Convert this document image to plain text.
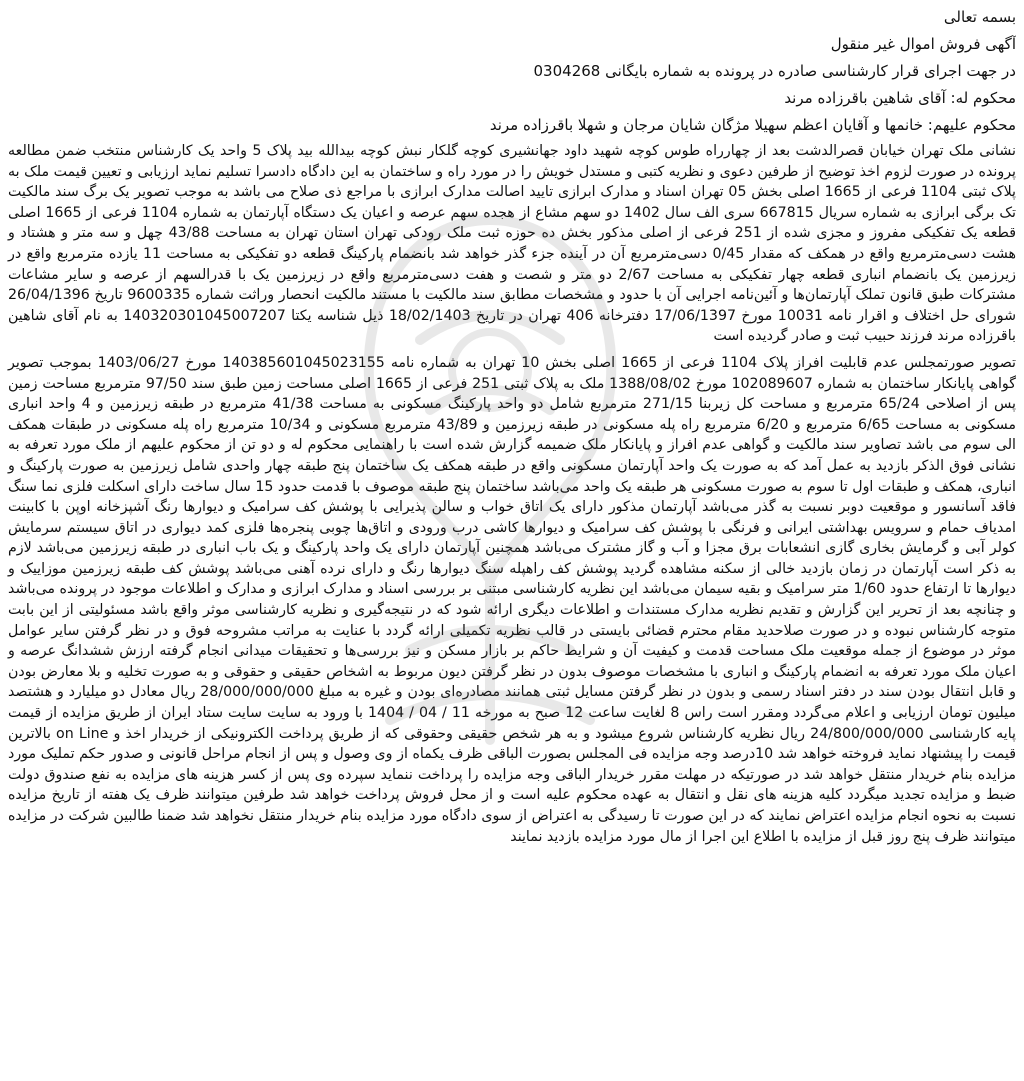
بسمه تعالی
آگهی فروش اموال غیر منقول
در جهت اجرای قرار کارشناسی صادره در پرونده به شماره بایگانی 0304268
محکوم له: آقای شاهین باقرزاده مرند
محکوم علیهم: خانمها و آقایان اعظم سهیلا مژگان شایان مرجان و شهلا باقرزاده مرند

نشانی ملک تهران خیابان قصرالدشت بعد از چهارراه طوس کوچه شهید داود جهانشیری کوچه گلکار نبش کوچه بیدالله بید پلاک 5 واحد یک کارشناس منتخب ضمن مطالعه پرونده در صورت لزوم اخذ توضیح از طرفین دعوی و نظریه کتبی و مستدل خویش را در مورد راه و ساختمان به این دادگاه دادسرا تسلیم نماید ارزیابی و تعیین قیمت ملک به پلاک ثبتی 1104 فرعی از 1665 اصلی بخش 05 تهران اسناد و مدارک ابرازی تایید اصالت مدارک ابرازی با مراجع ذی صلاح می باشد به موجب تصویر یک برگ سند مالکیت تک برگی ابرازی به شماره سریال 667815 سری الف سال 1402 دو سهم مشاع از هجده سهم عرصه و اعیان یک دستگاه آپارتمان به شماره 1104 فرعی از 1665 اصلی قطعه یک تفکیکی مفروز و مجزی شده از 251 فرعی از اصلی مذکور بخش ده حوزه ثبت ملک رودکی تهران استان تهران به مساحت 43/88 چهل و سه متر و هشتاد و هشت دسی‌مترمربع واقع در همکف که مقدار 0/45 دسی‌مترمربع آن در آینده جزء گذر خواهد شد بانضمام پارکینگ قطعه دو تفکیکی به مساحت 11 یازده مترمربع واقع در زیرزمین یک بانضمام انباری قطعه چهار تفکیکی به مساحت 2/67 دو متر و شصت و هفت دسی‌مترمربع واقع در زیرزمین یک با قدرالسهم از عرصه و سایر مشاعات مشترکات طبق قانون تملک آپارتمان‌ها و آئین‌نامه اجرایی آن با حدود و مشخصات مطابق سند مالکیت با مستند مالکیت انحصار وراثت شماره 9600335 تاریخ 26/04/1396 شورای حل اختلاف و اقرار نامه 10031 مورخ 17/06/1397 دفترخانه 406 تهران در تاریخ 18/02/1403 ذیل شناسه یکتا 140320301045007207 به نام آقای شاهین باقرزاده مرند فرزند حبیب ثبت و صادر گردیده است

تصویر صورتمجلس عدم قابلیت افراز پلاک 1104 فرعی از 1665 اصلی بخش 10 تهران به شماره نامه 140385601045023155 مورخ 1403/06/27 بموجب تصویر گواهی پایانکار ساختمان به شماره 102089607 مورخ 1388/08/02 ملک به پلاک ثبتی 251 فرعی از 1665 اصلی مساحت زمین طبق سند 97/50 مترمربع مساحت زمین پس از اصلاحی 65/24 مترمربع و مساحت کل زیربنا 271/15 مترمربع شامل دو واحد پارکینگ مسکونی به مساحت 41/38 مترمربع در طبقه زیرزمین و 4 واحد انباری مسکونی به مساحت 6/65 مترمربع و 6/20 مترمربع راه پله مسکونی در طبقه زیرزمین و 43/89 مترمربع مسکونی و 10/34 مترمربع راه پله مسکونی در طبقات همکف الی سوم می باشد تصاویر سند مالکیت و گواهی عدم افراز و پایانکار ملک ضمیمه گزارش شده است با راهنمایی محکوم له و دو تن از محکوم علیهم از ملک مورد تعرفه به نشانی فوق الذکر بازدید به عمل آمد که به صورت یک واحد آپارتمان مسکونی واقع در طبقه همکف یک ساختمان پنج طبقه چهار واحدی شامل زیرزمین به صورت پارکینگ و انباری، همکف و طبقات اول تا سوم به صورت مسکونی هر طبقه یک واحد می‌باشد ساختمان پنج طبقه موصوف با قدمت حدود 15 سال ساخت دارای اسکلت فلزی نما سنگ فاقد آسانسور و موقعیت دوبر نسبت به گذر می‌باشد آپارتمان مذکور دارای یک اتاق خواب و سالن پذیرایی با پوشش کف سرامیک و دیوارها رنگ آشپزخانه اوپن با کابینت امدیاف حمام و سرویس بهداشتی ایرانی و فرنگی با پوشش کف سرامیک و دیوارها کاشی درب ورودی و اتاق‌ها چوبی پنجره‌ها فلزی کمد دیواری در اتاق سیستم سرمایش کولر آبی و گرمایش بخاری گازی انشعابات برق مجزا و آب و گاز مشترک می‌باشد همچنین آپارتمان دارای یک واحد پارکینگ و یک باب انباری در طبقه زیرزمین می‌باشد لازم به ذکر است آپارتمان در زمان بازدید خالی از سکنه مشاهده گردید پوشش کف راهپله سنگ دیوارها رنگ و دارای نرده آهنی می‌باشد پوشش کف طبقه زیرزمین موزاییک و دیوارها تا ارتفاع حدود 1/60 متر سرامیک و بقیه سیمان می‌باشد این نظریه کارشناسی مبتنی بر بررسی اسناد و مدارک ابرازی و مدارک و اطلاعات موجود در پرونده می‌باشد و چنانچه بعد از تحریر این گزارش و تقدیم نظریه مدارک مستندات و اطلاعات دیگری ارائه شود که در نتیجه‌گیری و نظریه کارشناسی موثر واقع باشد مسئولیتی از این بابت متوجه کارشناس نبوده و در صورت صلاحدید مقام محترم قضائی بایستی در قالب نظریه تکمیلی ارائه گردد با عنایت به مراتب مشروحه فوق و در نظر گرفتن سایر عوامل موثر در موضوع از جمله موقعیت ملک مساحت قدمت و کیفیت آن و شرایط حاکم بر بازار مسکن و نیز بررسی‌ها و تحقیقات میدانی انجام گرفته ارزش ششدانگ عرصه و اعیان ملک مورد تعرفه به انضمام پارکینگ و انباری با مشخصات موصوف بدون در نظر گرفتن دیون مربوط به اشخاص حقیقی و حقوقی و به صورت تخلیه و بلا معارض بودن و قابل انتقال بودن سند در دفتر اسناد رسمی و بدون در نظر گرفتن مسایل ثبتی همانند مصادره‌ای بودن و غیره به مبلغ 28/000/000/000 ریال معادل دو میلیارد و هشتصد میلیون تومان ارزیابی و اعلام می‌گردد ومقرر است راس 8 لغایت ساعت 12 صبح به مورخه 11 / 04 / 1404 با ورود به سایت سایت ستاد ایران از طریق مزایده از قیمت پایه کارشناسی 24/800/000/000 ریال نظریه کارشناس شروع میشود و به هر شخص حقیقی وحقوقی که از طریق پرداخت الکترونیکی از خریدار اخذ و on Line بالاترین قیمت را پیشنهاد نماید فروخته خواهد شد 10درصد وجه مزایده فی المجلس بصورت الباقی ظرف یکماه از وی وصول و پس از انجام مراحل قانونی و صدور حکم تملیک مورد مزایده بنام خریدار منتقل خواهد شد در صورتیکه در مهلت مقرر خریدار الباقی وجه مزایده را پرداخت ننماید سپرده وی پس از کسر هزینه های مزایده به نفع صندوق دولت ضبط و مزایده تجدید میگردد کلیه هزینه های نقل و انتقال به عهده محکوم علیه است و از محل فروش پرداخت خواهد شد طرفین میتوانند ظرف یک هفته از تاریخ مزایده نسبت به نحوه انجام مزایده اعتراض نمایند که در این صورت تا رسیدگی به اعتراض از سوی دادگاه مورد مزایده بنام خریدار منتقل نخواهد شد ضمنا طالبین شرکت در مزایده میتوانند ظرف پنج روز قبل از مزایده با اطلاع این اجرا از مال مورد مزایده بازدید نمایند
